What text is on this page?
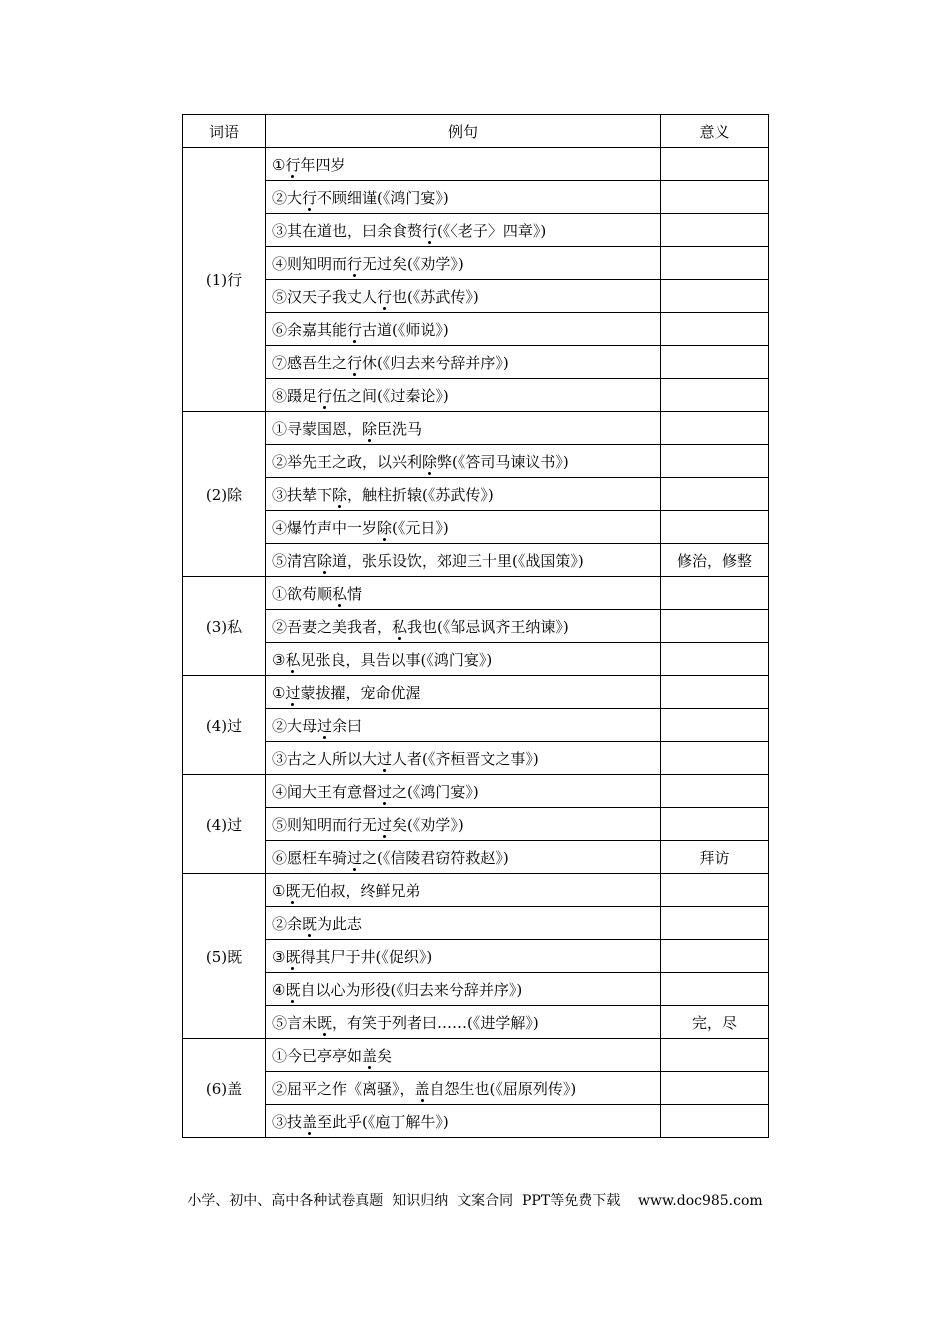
词语	例句	意义
(1)行	①行年四岁	
	②大行不顾细谨(《鸿门宴》)	
	③其在道也，曰余食赘行(《〈老子〉四章》)	
	④则知明而行无过矣(《劝学》)	
	⑤汉天子我丈人行也(《苏武传》)	
	⑥余嘉其能行古道(《师说》)	
	⑦感吾生之行休(《归去来兮辞并序》)	
	⑧蹑足行伍之间(《过秦论》)	
(2)除	①寻蒙国恩，除臣洗马	
	②举先王之政，以兴利除弊(《答司马谏议书》)	
	③扶辇下除，触柱折辕(《苏武传》)	
	④爆竹声中一岁除(《元日》)	
	⑤清宫除道，张乐设饮，郊迎三十里(《战国策》)	修治，修整
(3)私	①欲苟顺私情	
	②吾妻之美我者，私我也(《邹忌讽齐王纳谏》)	
	③私见张良，具告以事(《鸿门宴》)	
(4)过	①过蒙拔擢，宠命优渥	
	②大母过余曰	
	③古之人所以大过人者(《齐桓晋文之事》)	
(4)过	④闻大王有意督过之(《鸿门宴》)	
	⑤则知明而行无过矣(《劝学》)	
	⑥愿枉车骑过之(《信陵君窃符救赵》)	拜访
(5)既	①既无伯叔，终鲜兄弟	
	②余既为此志	
	③既得其尸于井(《促织》)	
	④既自以心为形役(《归去来兮辞并序》)	
	⑤言未既，有笑于列者曰……(《进学解》)	完，尽
(6)盖	①今已亭亭如盖矣	
	②屈平之作《离骚》，盖自怨生也(《屈原列传》)	
	③技盖至此乎(《庖丁解牛》)	
小学、初中、高中各种试卷真题  知识归纳  文案合同  PPT等免费下载    www.doc985.com
